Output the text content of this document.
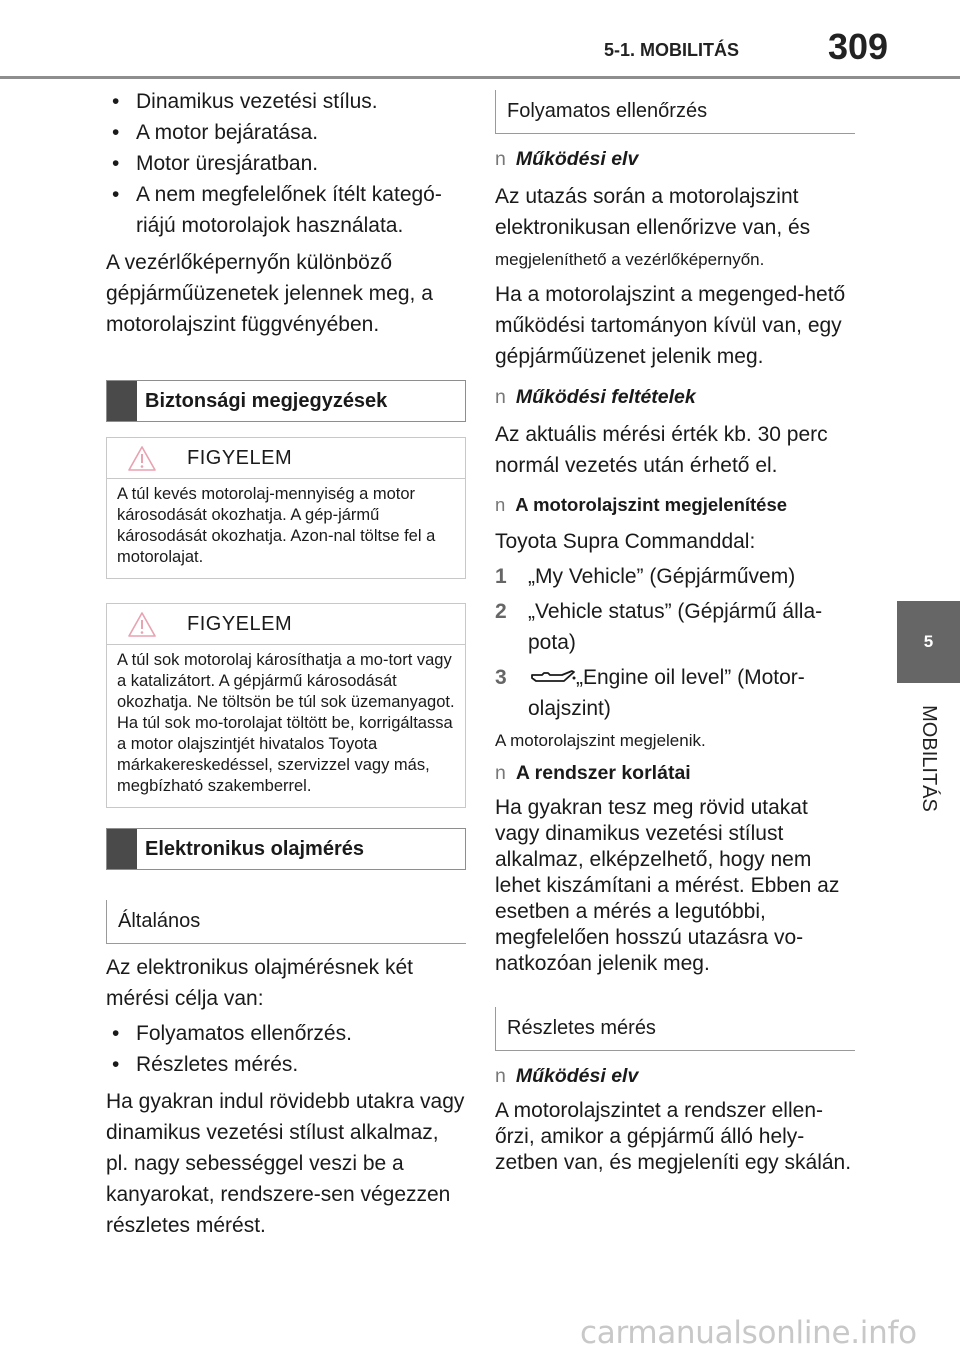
5-1. MOBILITÁS 309
5
MOBILITÁS
• Dinamikus vezetési stílus.
• A motor bejáratása.
• Motor üresjáratban.
• A nem megfelelőnek ítélt kategó-
riájú motorolajok használata.
A vezérlőképernyőn különböző gépjárműüzenetek jelennek meg, a motorolajszint függvényében.
Biztonsági megjegyzések
FIGYELEM
A túl kevés motorolaj-mennyiség a motor károsodását okozhatja. A gép-jármű károsodását okozhatja. Azon-nal töltse fel a motorolajat.
FIGYELEM
A túl sok motorolaj károsíthatja a mo-tort vagy a katalizátort. A gépjármű károsodását okozhatja. Ne töltsön be túl sok üzemanyagot. Ha túl sok mo-torolajat töltött be, korrigáltassa a motor olajszintjét hivatalos Toyota márkakereskedéssel, szervizzel vagy más, megbízható szakemberrel.
Elektronikus olajmérés
Általános
Az elektronikus olajmérésnek két mérési célja van:
• Folyamatos ellenőrzés.
• Részletes mérés.
Ha gyakran indul rövidebb utakra vagy dinamikus vezetési stílust alkalmaz, pl. nagy sebességgel veszi be a kanyarokat, rendszere-sen végezzen részletes mérést.
Folyamatos ellenőrzés
n Működési elv
Az utazás során a motorolajszint elektronikusan ellenőrizve van, és
megjeleníthető a vezérlőképernyőn.
Ha a motorolajszint a megenged-hető működési tartományon kívül van, egy gépjárműüzenet jelenik meg.
n Működési feltételek
Az aktuális mérési érték kb. 30 perc normál vezetés után érhető el.
n A motorolajszint megjelenítése
Toyota Supra Commanddal:
1 „My Vehicle” (Gépjárművem)
2 „Vehicle status” (Gépjármű álla-pota)
3	„Engine oil level” (Motor-olajszint)
A motorolajszint megjelenik.
n A rendszer korlátai
Ha gyakran tesz meg rövid utakat vagy dinamikus vezetési stílust alkalmaz, elképzelhető, hogy nem lehet kiszámítani a mérést. Ebben az esetben a mérés a legutóbbi, megfelelően hosszú utazásra vo-natkozóan jelenik meg.
Részletes mérés
n Működési elv
A motorolajszintet a rendszer ellen-őrzi, amikor a gépjármű álló hely-zetben van, és megjeleníti egy skálán.
carmanualsonline.info
